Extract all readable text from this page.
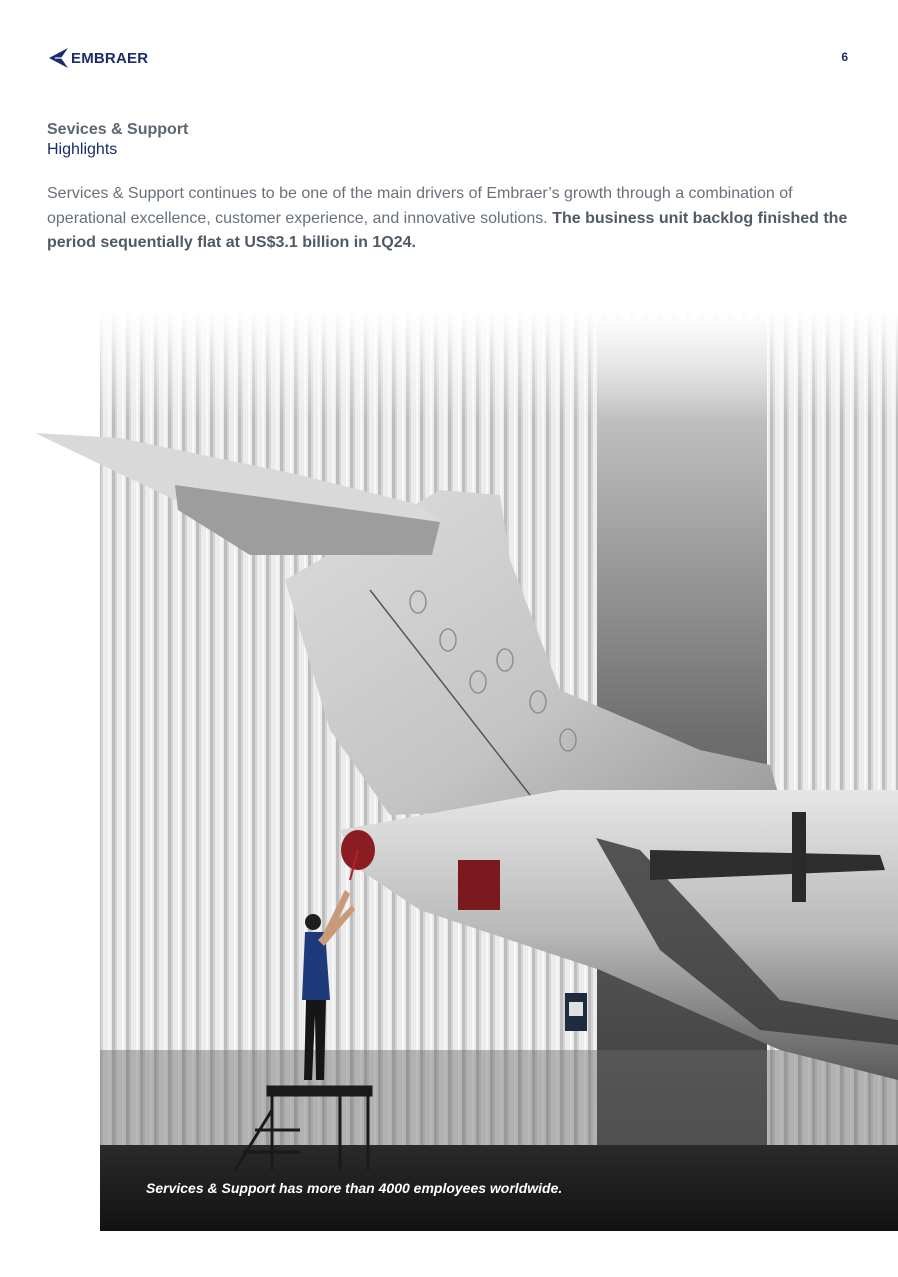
EMBRAER	6
Sevices & Support
Highlights

Services & Support continues to be one of the main drivers of Embraer’s growth through a combination of operational excellence, customer experience, and innovative solutions. The business unit backlog finished the period sequentially flat at US$3.1 billion in 1Q24.

Services & Support has more than 4000 employees worldwide.
